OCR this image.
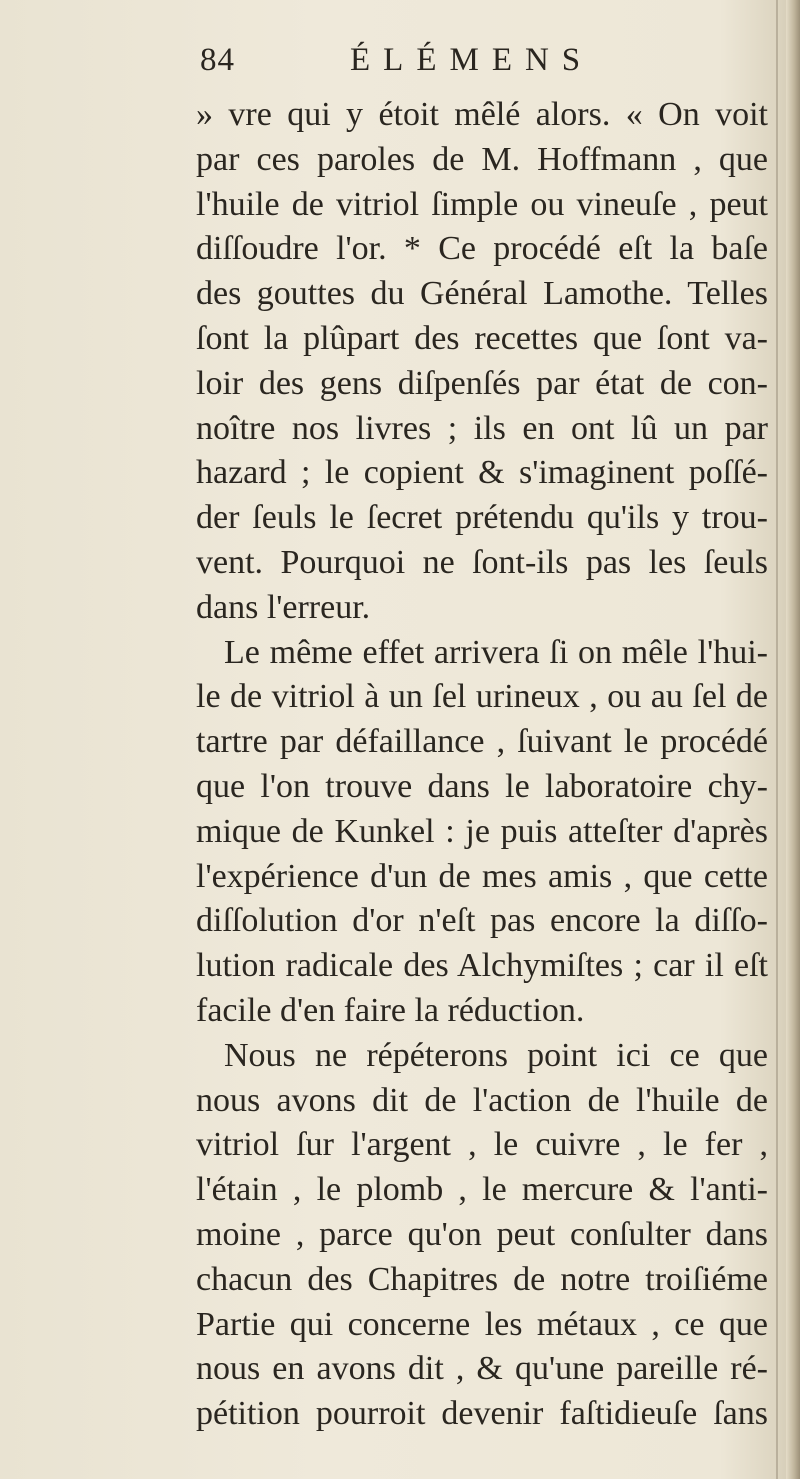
84	ÉLÉMENS
» vre qui y étoit mêlé alors. « On voit
par ces paroles de M. Hoffmann , que
l'huile de vitriol ſimple ou vineuſe , peut
diſſoudre l'or. * Ce procédé eſt la baſe
des gouttes du Général Lamothe. Telles
ſont la plûpart des recettes que ſont va-
loir des gens diſpenſés par état de con-
noître nos livres ; ils en ont lû un par
hazard ; le copient & s'imaginent poſſé-
der ſeuls le ſecret prétendu qu'ils y trou-
vent. Pourquoi ne ſont-ils pas les ſeuls
dans l'erreur.
Le même effet arrivera ſi on mêle l'hui-
le de vitriol à un ſel urineux , ou au ſel de
tartre par défaillance , ſuivant le procédé
que l'on trouve dans le laboratoire chy-
mique de Kunkel : je puis atteſter d'après
l'expérience d'un de mes amis , que cette
diſſolution d'or n'eſt pas encore la diſſo-
lution radicale des Alchymiſtes ; car il eſt
facile d'en faire la réduction.
Nous ne répéterons point ici ce que
nous avons dit de l'action de l'huile de
vitriol ſur l'argent , le cuivre , le fer ,
l'étain , le plomb , le mercure & l'anti-
moine , parce qu'on peut conſulter dans
chacun des Chapitres de notre troiſiéme
Partie qui concerne les métaux , ce que
nous en avons dit , & qu'une pareille ré-
pétition pourroit devenir faſtidieuſe ſans
